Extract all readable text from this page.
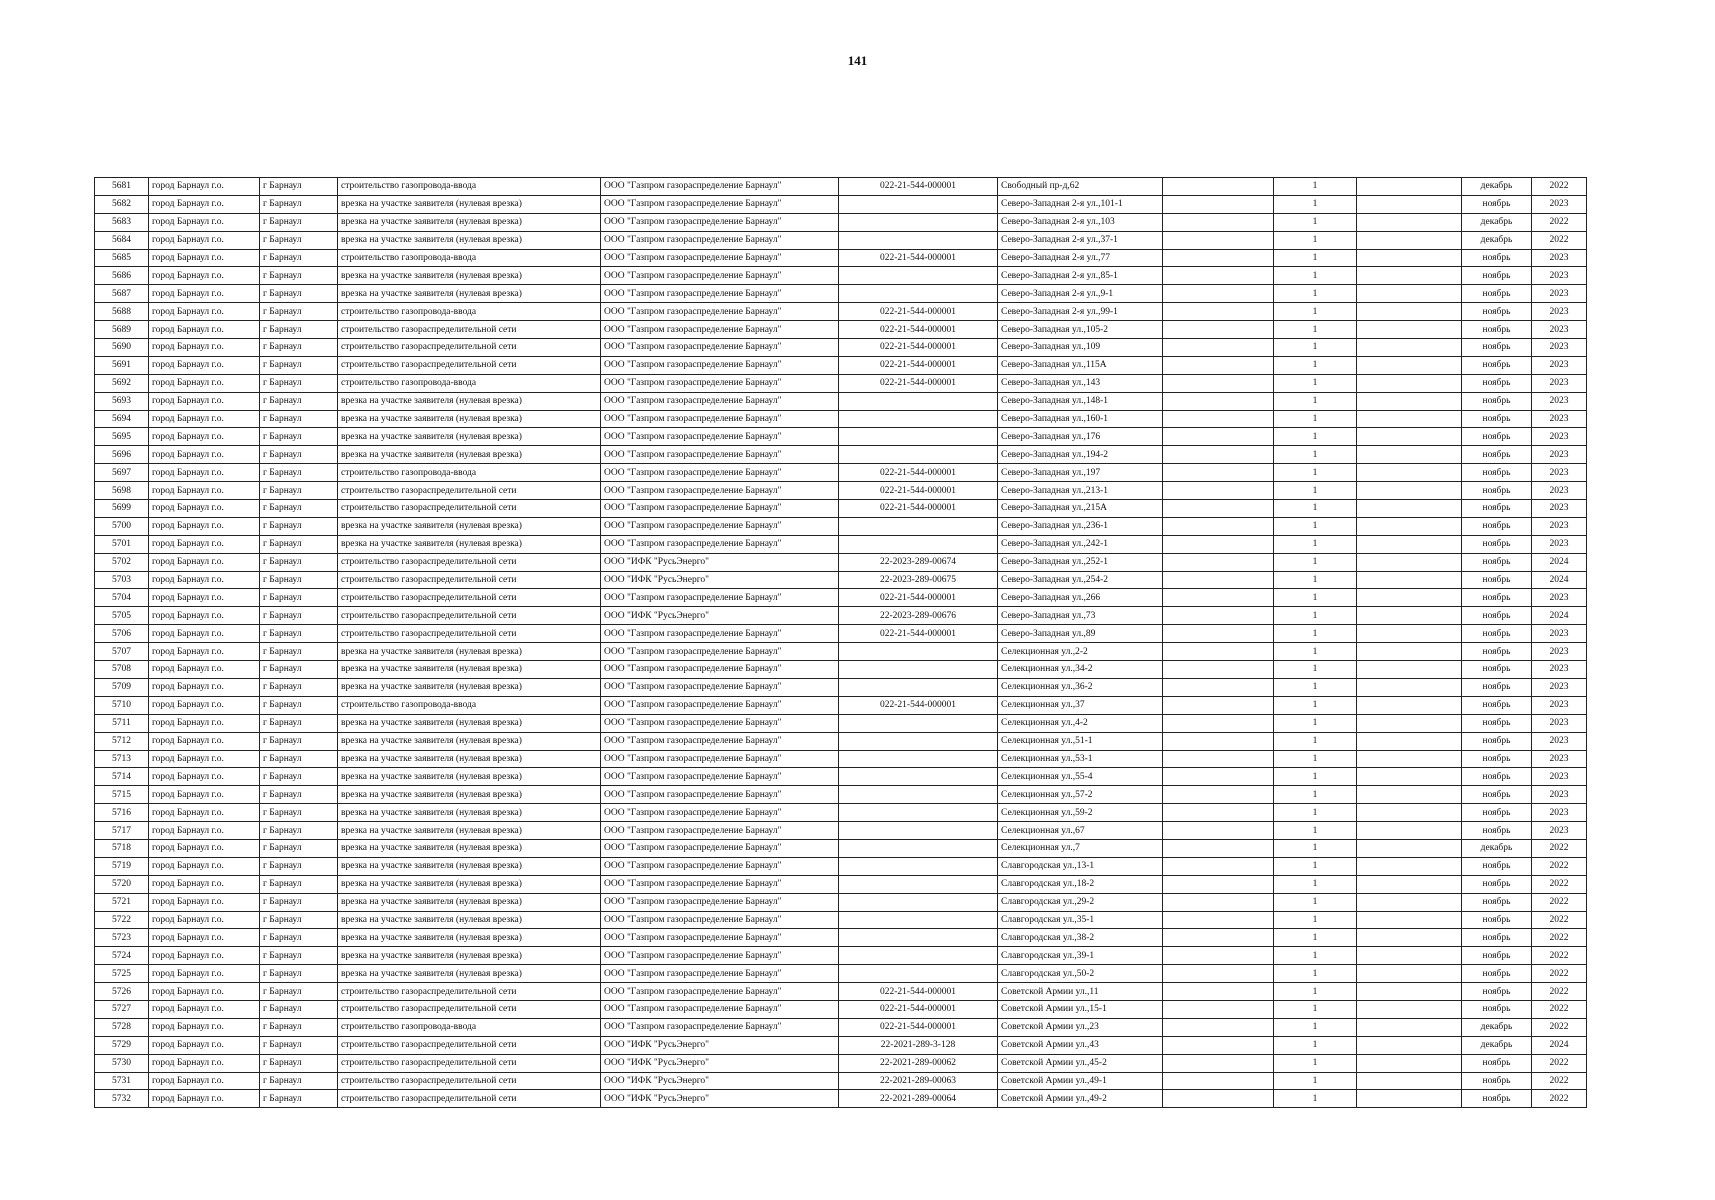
141
5681	город Барнаул г.о.	г Барнаул	строительство газопровода-ввода	ООО "Газпром газораспределение Барнаул"	022-21-544-000001	Свободный пр-д,62		1		декабрь	2022
5682	город Барнаул г.о.	г Барнаул	врезка на участке заявителя (нулевая врезка)	ООО "Газпром газораспределение Барнаул"		Северо-Западная 2-я ул.,101-1		1		ноябрь	2023
5683	город Барнаул г.о.	г Барнаул	врезка на участке заявителя (нулевая врезка)	ООО "Газпром газораспределение Барнаул"		Северо-Западная 2-я ул.,103		1		декабрь	2022
5684	город Барнаул г.о.	г Барнаул	врезка на участке заявителя (нулевая врезка)	ООО "Газпром газораспределение Барнаул"		Северо-Западная 2-я ул.,37-1		1		декабрь	2022
5685	город Барнаул г.о.	г Барнаул	строительство газопровода-ввода	ООО "Газпром газораспределение Барнаул"	022-21-544-000001	Северо-Западная 2-я ул.,77		1		ноябрь	2023
5686	город Барнаул г.о.	г Барнаул	врезка на участке заявителя (нулевая врезка)	ООО "Газпром газораспределение Барнаул"		Северо-Западная 2-я ул.,85-1		1		ноябрь	2023
5687	город Барнаул г.о.	г Барнаул	врезка на участке заявителя (нулевая врезка)	ООО "Газпром газораспределение Барнаул"		Северо-Западная 2-я ул.,9-1		1		ноябрь	2023
5688	город Барнаул г.о.	г Барнаул	строительство газопровода-ввода	ООО "Газпром газораспределение Барнаул"	022-21-544-000001	Северо-Западная 2-я ул.,99-1		1		ноябрь	2023
5689	город Барнаул г.о.	г Барнаул	строительство газораспределительной сети	ООО "Газпром газораспределение Барнаул"	022-21-544-000001	Северо-Западная ул.,105-2		1		ноябрь	2023
5690	город Барнаул г.о.	г Барнаул	строительство газораспределительной сети	ООО "Газпром газораспределение Барнаул"	022-21-544-000001	Северо-Западная ул.,109		1		ноябрь	2023
5691	город Барнаул г.о.	г Барнаул	строительство газораспределительной сети	ООО "Газпром газораспределение Барнаул"	022-21-544-000001	Северо-Западная ул.,115А		1		ноябрь	2023
5692	город Барнаул г.о.	г Барнаул	строительство газопровода-ввода	ООО "Газпром газораспределение Барнаул"	022-21-544-000001	Северо-Западная ул.,143		1		ноябрь	2023
5693	город Барнаул г.о.	г Барнаул	врезка на участке заявителя (нулевая врезка)	ООО "Газпром газораспределение Барнаул"		Северо-Западная ул.,148-1		1		ноябрь	2023
5694	город Барнаул г.о.	г Барнаул	врезка на участке заявителя (нулевая врезка)	ООО "Газпром газораспределение Барнаул"		Северо-Западная ул.,160-1		1		ноябрь	2023
5695	город Барнаул г.о.	г Барнаул	врезка на участке заявителя (нулевая врезка)	ООО "Газпром газораспределение Барнаул"		Северо-Западная ул.,176		1		ноябрь	2023
5696	город Барнаул г.о.	г Барнаул	врезка на участке заявителя (нулевая врезка)	ООО "Газпром газораспределение Барнаул"		Северо-Западная ул.,194-2		1		ноябрь	2023
5697	город Барнаул г.о.	г Барнаул	строительство газопровода-ввода	ООО "Газпром газораспределение Барнаул"	022-21-544-000001	Северо-Западная ул.,197		1		ноябрь	2023
5698	город Барнаул г.о.	г Барнаул	строительство газораспределительной сети	ООО "Газпром газораспределение Барнаул"	022-21-544-000001	Северо-Западная ул.,213-1		1		ноябрь	2023
5699	город Барнаул г.о.	г Барнаул	строительство газораспределительной сети	ООО "Газпром газораспределение Барнаул"	022-21-544-000001	Северо-Западная ул.,215А		1		ноябрь	2023
5700	город Барнаул г.о.	г Барнаул	врезка на участке заявителя (нулевая врезка)	ООО "Газпром газораспределение Барнаул"		Северо-Западная ул.,236-1		1		ноябрь	2023
5701	город Барнаул г.о.	г Барнаул	врезка на участке заявителя (нулевая врезка)	ООО "Газпром газораспределение Барнаул"		Северо-Западная ул.,242-1		1		ноябрь	2023
5702	город Барнаул г.о.	г Барнаул	строительство газораспределительной сети	ООО "ИФК "РусьЭнерго"	22-2023-289-00674	Северо-Западная ул.,252-1		1		ноябрь	2024
5703	город Барнаул г.о.	г Барнаул	строительство газораспределительной сети	ООО "ИФК "РусьЭнерго"	22-2023-289-00675	Северо-Западная ул.,254-2		1		ноябрь	2024
5704	город Барнаул г.о.	г Барнаул	строительство газораспределительной сети	ООО "Газпром газораспределение Барнаул"	022-21-544-000001	Северо-Западная ул.,266		1		ноябрь	2023
5705	город Барнаул г.о.	г Барнаул	строительство газораспределительной сети	ООО "ИФК "РусьЭнерго"	22-2023-289-00676	Северо-Западная ул.,73		1		ноябрь	2024
5706	город Барнаул г.о.	г Барнаул	строительство газораспределительной сети	ООО "Газпром газораспределение Барнаул"	022-21-544-000001	Северо-Западная ул.,89		1		ноябрь	2023
5707	город Барнаул г.о.	г Барнаул	врезка на участке заявителя (нулевая врезка)	ООО "Газпром газораспределение Барнаул"		Селекционная ул.,2-2		1		ноябрь	2023
5708	город Барнаул г.о.	г Барнаул	врезка на участке заявителя (нулевая врезка)	ООО "Газпром газораспределение Барнаул"		Селекционная ул.,34-2		1		ноябрь	2023
5709	город Барнаул г.о.	г Барнаул	врезка на участке заявителя (нулевая врезка)	ООО "Газпром газораспределение Барнаул"		Селекционная ул.,36-2		1		ноябрь	2023
5710	город Барнаул г.о.	г Барнаул	строительство газопровода-ввода	ООО "Газпром газораспределение Барнаул"	022-21-544-000001	Селекционная ул.,37		1		ноябрь	2023
5711	город Барнаул г.о.	г Барнаул	врезка на участке заявителя (нулевая врезка)	ООО "Газпром газораспределение Барнаул"		Селекционная ул.,4-2		1		ноябрь	2023
5712	город Барнаул г.о.	г Барнаул	врезка на участке заявителя (нулевая врезка)	ООО "Газпром газораспределение Барнаул"		Селекционная ул.,51-1		1		ноябрь	2023
5713	город Барнаул г.о.	г Барнаул	врезка на участке заявителя (нулевая врезка)	ООО "Газпром газораспределение Барнаул"		Селекционная ул.,53-1		1		ноябрь	2023
5714	город Барнаул г.о.	г Барнаул	врезка на участке заявителя (нулевая врезка)	ООО "Газпром газораспределение Барнаул"		Селекционная ул.,55-4		1		ноябрь	2023
5715	город Барнаул г.о.	г Барнаул	врезка на участке заявителя (нулевая врезка)	ООО "Газпром газораспределение Барнаул"		Селекционная ул.,57-2		1		ноябрь	2023
5716	город Барнаул г.о.	г Барнаул	врезка на участке заявителя (нулевая врезка)	ООО "Газпром газораспределение Барнаул"		Селекционная ул.,59-2		1		ноябрь	2023
5717	город Барнаул г.о.	г Барнаул	врезка на участке заявителя (нулевая врезка)	ООО "Газпром газораспределение Барнаул"		Селекционная ул.,67		1		ноябрь	2023
5718	город Барнаул г.о.	г Барнаул	врезка на участке заявителя (нулевая врезка)	ООО "Газпром газораспределение Барнаул"		Селекционная ул.,7		1		декабрь	2022
5719	город Барнаул г.о.	г Барнаул	врезка на участке заявителя (нулевая врезка)	ООО "Газпром газораспределение Барнаул"		Славгородская ул.,13-1		1		ноябрь	2022
5720	город Барнаул г.о.	г Барнаул	врезка на участке заявителя (нулевая врезка)	ООО "Газпром газораспределение Барнаул"		Славгородская ул.,18-2		1		ноябрь	2022
5721	город Барнаул г.о.	г Барнаул	врезка на участке заявителя (нулевая врезка)	ООО "Газпром газораспределение Барнаул"		Славгородская ул.,29-2		1		ноябрь	2022
5722	город Барнаул г.о.	г Барнаул	врезка на участке заявителя (нулевая врезка)	ООО "Газпром газораспределение Барнаул"		Славгородская ул.,35-1		1		ноябрь	2022
5723	город Барнаул г.о.	г Барнаул	врезка на участке заявителя (нулевая врезка)	ООО "Газпром газораспределение Барнаул"		Славгородская ул.,38-2		1		ноябрь	2022
5724	город Барнаул г.о.	г Барнаул	врезка на участке заявителя (нулевая врезка)	ООО "Газпром газораспределение Барнаул"		Славгородская ул.,39-1		1		ноябрь	2022
5725	город Барнаул г.о.	г Барнаул	врезка на участке заявителя (нулевая врезка)	ООО "Газпром газораспределение Барнаул"		Славгородская ул.,50-2		1		ноябрь	2022
5726	город Барнаул г.о.	г Барнаул	строительство газораспределительной сети	ООО "Газпром газораспределение Барнаул"	022-21-544-000001	Советской Армии ул.,11		1		ноябрь	2022
5727	город Барнаул г.о.	г Барнаул	строительство газораспределительной сети	ООО "Газпром газораспределение Барнаул"	022-21-544-000001	Советской Армии ул.,15-1		1		ноябрь	2022
5728	город Барнаул г.о.	г Барнаул	строительство газопровода-ввода	ООО "Газпром газораспределение Барнаул"	022-21-544-000001	Советской Армии ул.,23		1		декабрь	2022
5729	город Барнаул г.о.	г Барнаул	строительство газораспределительной сети	ООО "ИФК "РусьЭнерго"	22-2021-289-3-128	Советской Армии ул.,43		1		декабрь	2024
5730	город Барнаул г.о.	г Барнаул	строительство газораспределительной сети	ООО "ИФК "РусьЭнерго"	22-2021-289-00062	Советской Армии ул.,45-2		1		ноябрь	2022
5731	город Барнаул г.о.	г Барнаул	строительство газораспределительной сети	ООО "ИФК "РусьЭнерго"	22-2021-289-00063	Советской Армии ул.,49-1		1		ноябрь	2022
5732	город Барнаул г.о.	г Барнаул	строительство газораспределительной сети	ООО "ИФК "РусьЭнерго"	22-2021-289-00064	Советской Армии ул.,49-2		1		ноябрь	2022
